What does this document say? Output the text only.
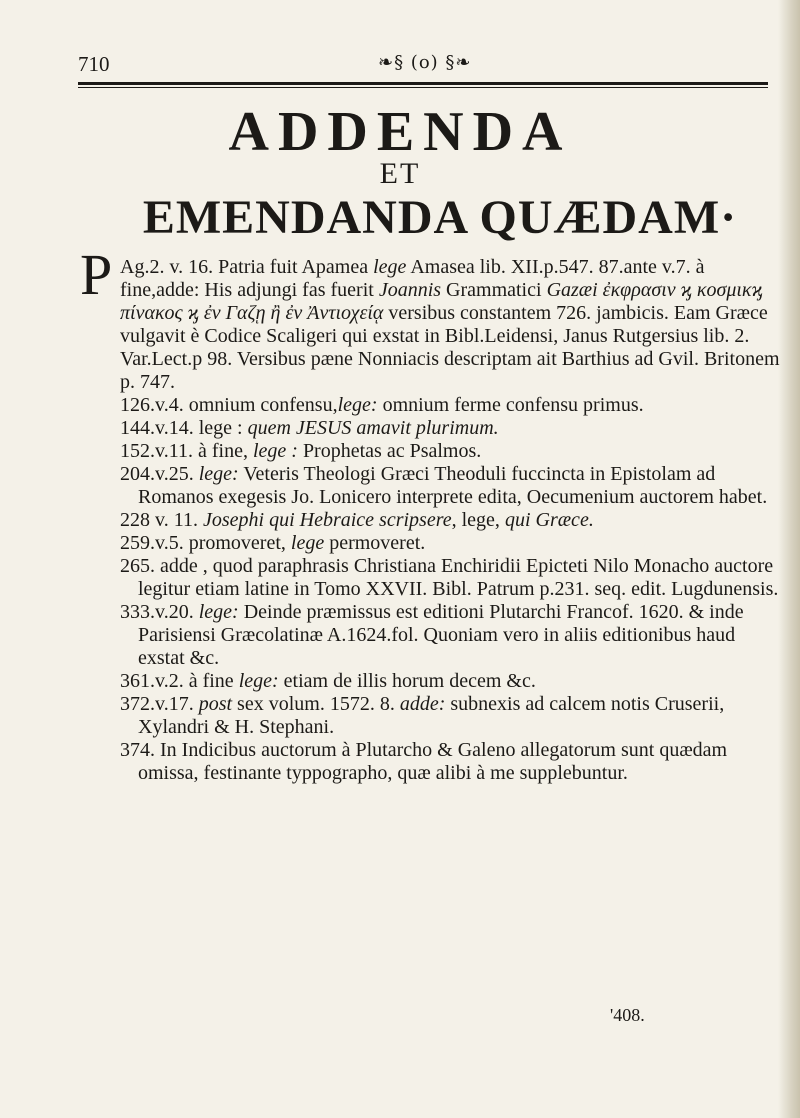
710	❧§ (o) §❧
ADDENDA
ET
EMENDANDA QUÆDAM·
P Ag.2. v. 16. Patria fuit Apamea lege Amasea lib. XII.p.547. 87.ante v.7. à fine,adde: His adjungi fas fuerit Joannis Grammatici Gazæi ἐκφρασιν ϗ κοσμικϗ πίνακος ϗ ἐν Γαζῃ ἢ ἐν Ἀντιοχείᾳ versibus constantem 726. jambicis. Eam Græce vulgavit è Codice Scaligeri qui exstat in Bibl.Leidensi, Janus Rutgersius lib. 2. Var.Lect.p 98. Versibus pæne Nonniacis descriptam ait Barthius ad Gvil. Britonem p. 747.

126.v.4. omnium confensu,lege: omnium ferme confensu primus.

144.v.14. lege : quem JESUS amavit plurimum.

152.v.11. à fine, lege : Prophetas ac Psalmos.

204.v.25. lege: Veteris Theologi Græci Theoduli fuccincta in Epistolam ad Romanos exegesis Jo. Lonicero interprete edita, Oecumenium auctorem habet.

228 v. 11. Josephi qui Hebraice scripsere, lege, qui Græce.

259.v.5. promoveret, lege permoveret.

265. adde , quod paraphrasis Christiana Enchiridii Epicteti Nilo Monacho auctore legitur etiam latine in Tomo XXVII. Bibl. Patrum p.231. seq. edit. Lugdunensis.

333.v.20. lege: Deinde præmissus est editioni Plutarchi Francof. 1620. & inde Parisiensi Græcolatinæ A.1624.fol. Quoniam vero in aliis editionibus haud exstat &c.

361.v.2. à fine lege: etiam de illis horum decem &c.

372.v.17. post sex volum. 1572. 8. adde: subnexis ad calcem notis Cruserii, Xylandri & H. Stephani.

374. In Indicibus auctorum à Plutarcho & Galeno allegatorum sunt quædam omissa, festinante typpographo, quæ alibi à me supplebuntur.

'408.
